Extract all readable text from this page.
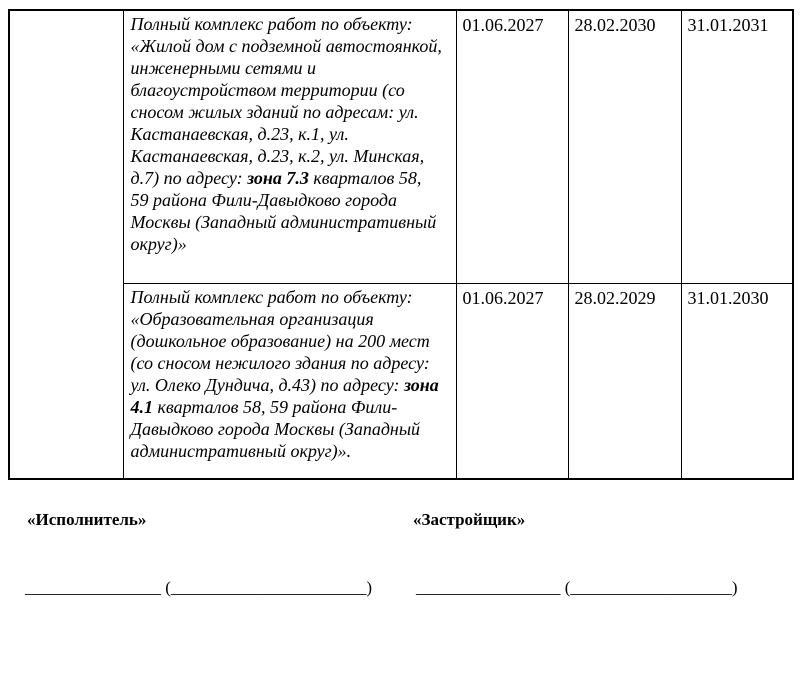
	Полный комплекс работ по объекту: «Жилой дом с подземной автостоянкой, инженерными сетями и благоустройством территории (со сносом жилых зданий по адресам: ул. Кастанаевская, д.23, к.1, ул. Кастанаевская, д.23, к.2, ул. Минская, д.7) по адресу: зона 7.3 кварталов 58, 59 района Фили-Давыдково города Москвы (Западный административный округ)»	01.06.2027	28.02.2030	31.01.2031
	Полный комплекс работ по объекту: «Образовательная организация (дошкольное образование) на 200 мест (со сносом нежилого здания по адресу: ул. Олеко Дундича, д.43) по адресу: зона 4.1 кварталов 58, 59 района Фили-Давыдково города Москвы (Западный административный округ)».	01.06.2027	28.02.2029	31.01.2030
«Исполнитель»	«Застройщик»
________________ (_______________________)	_________________ (___________________)
